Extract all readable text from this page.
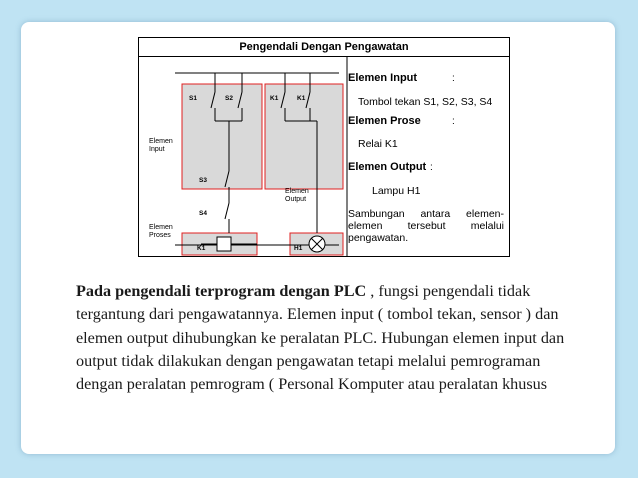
Pengendali Dengan Pengawatan
Elemen
Input
Elemen
Proses
Elemen
Output
S1	S2
S3
S4
K1	K1
K1	H1
Elemen Input	:
Tombol tekan S1, S2, S3, S4
Elemen Prose	:
Relai K1
Elemen Output :
Lampu H1
Sambungan antara elemen-elemen tersebut melalui pengawatan.
Pada pengendali terprogram dengan PLC , fungsi pengendali tidak tergantung dari pengawatannya. Elemen input ( tombol tekan, sensor ) dan elemen output dihubungkan ke peralatan PLC. Hubungan elemen input dan output tidak dilakukan dengan pengawatan tetapi melalui pemrograman dengan peralatan pemrogram ( Personal Komputer atau peralatan khusus
